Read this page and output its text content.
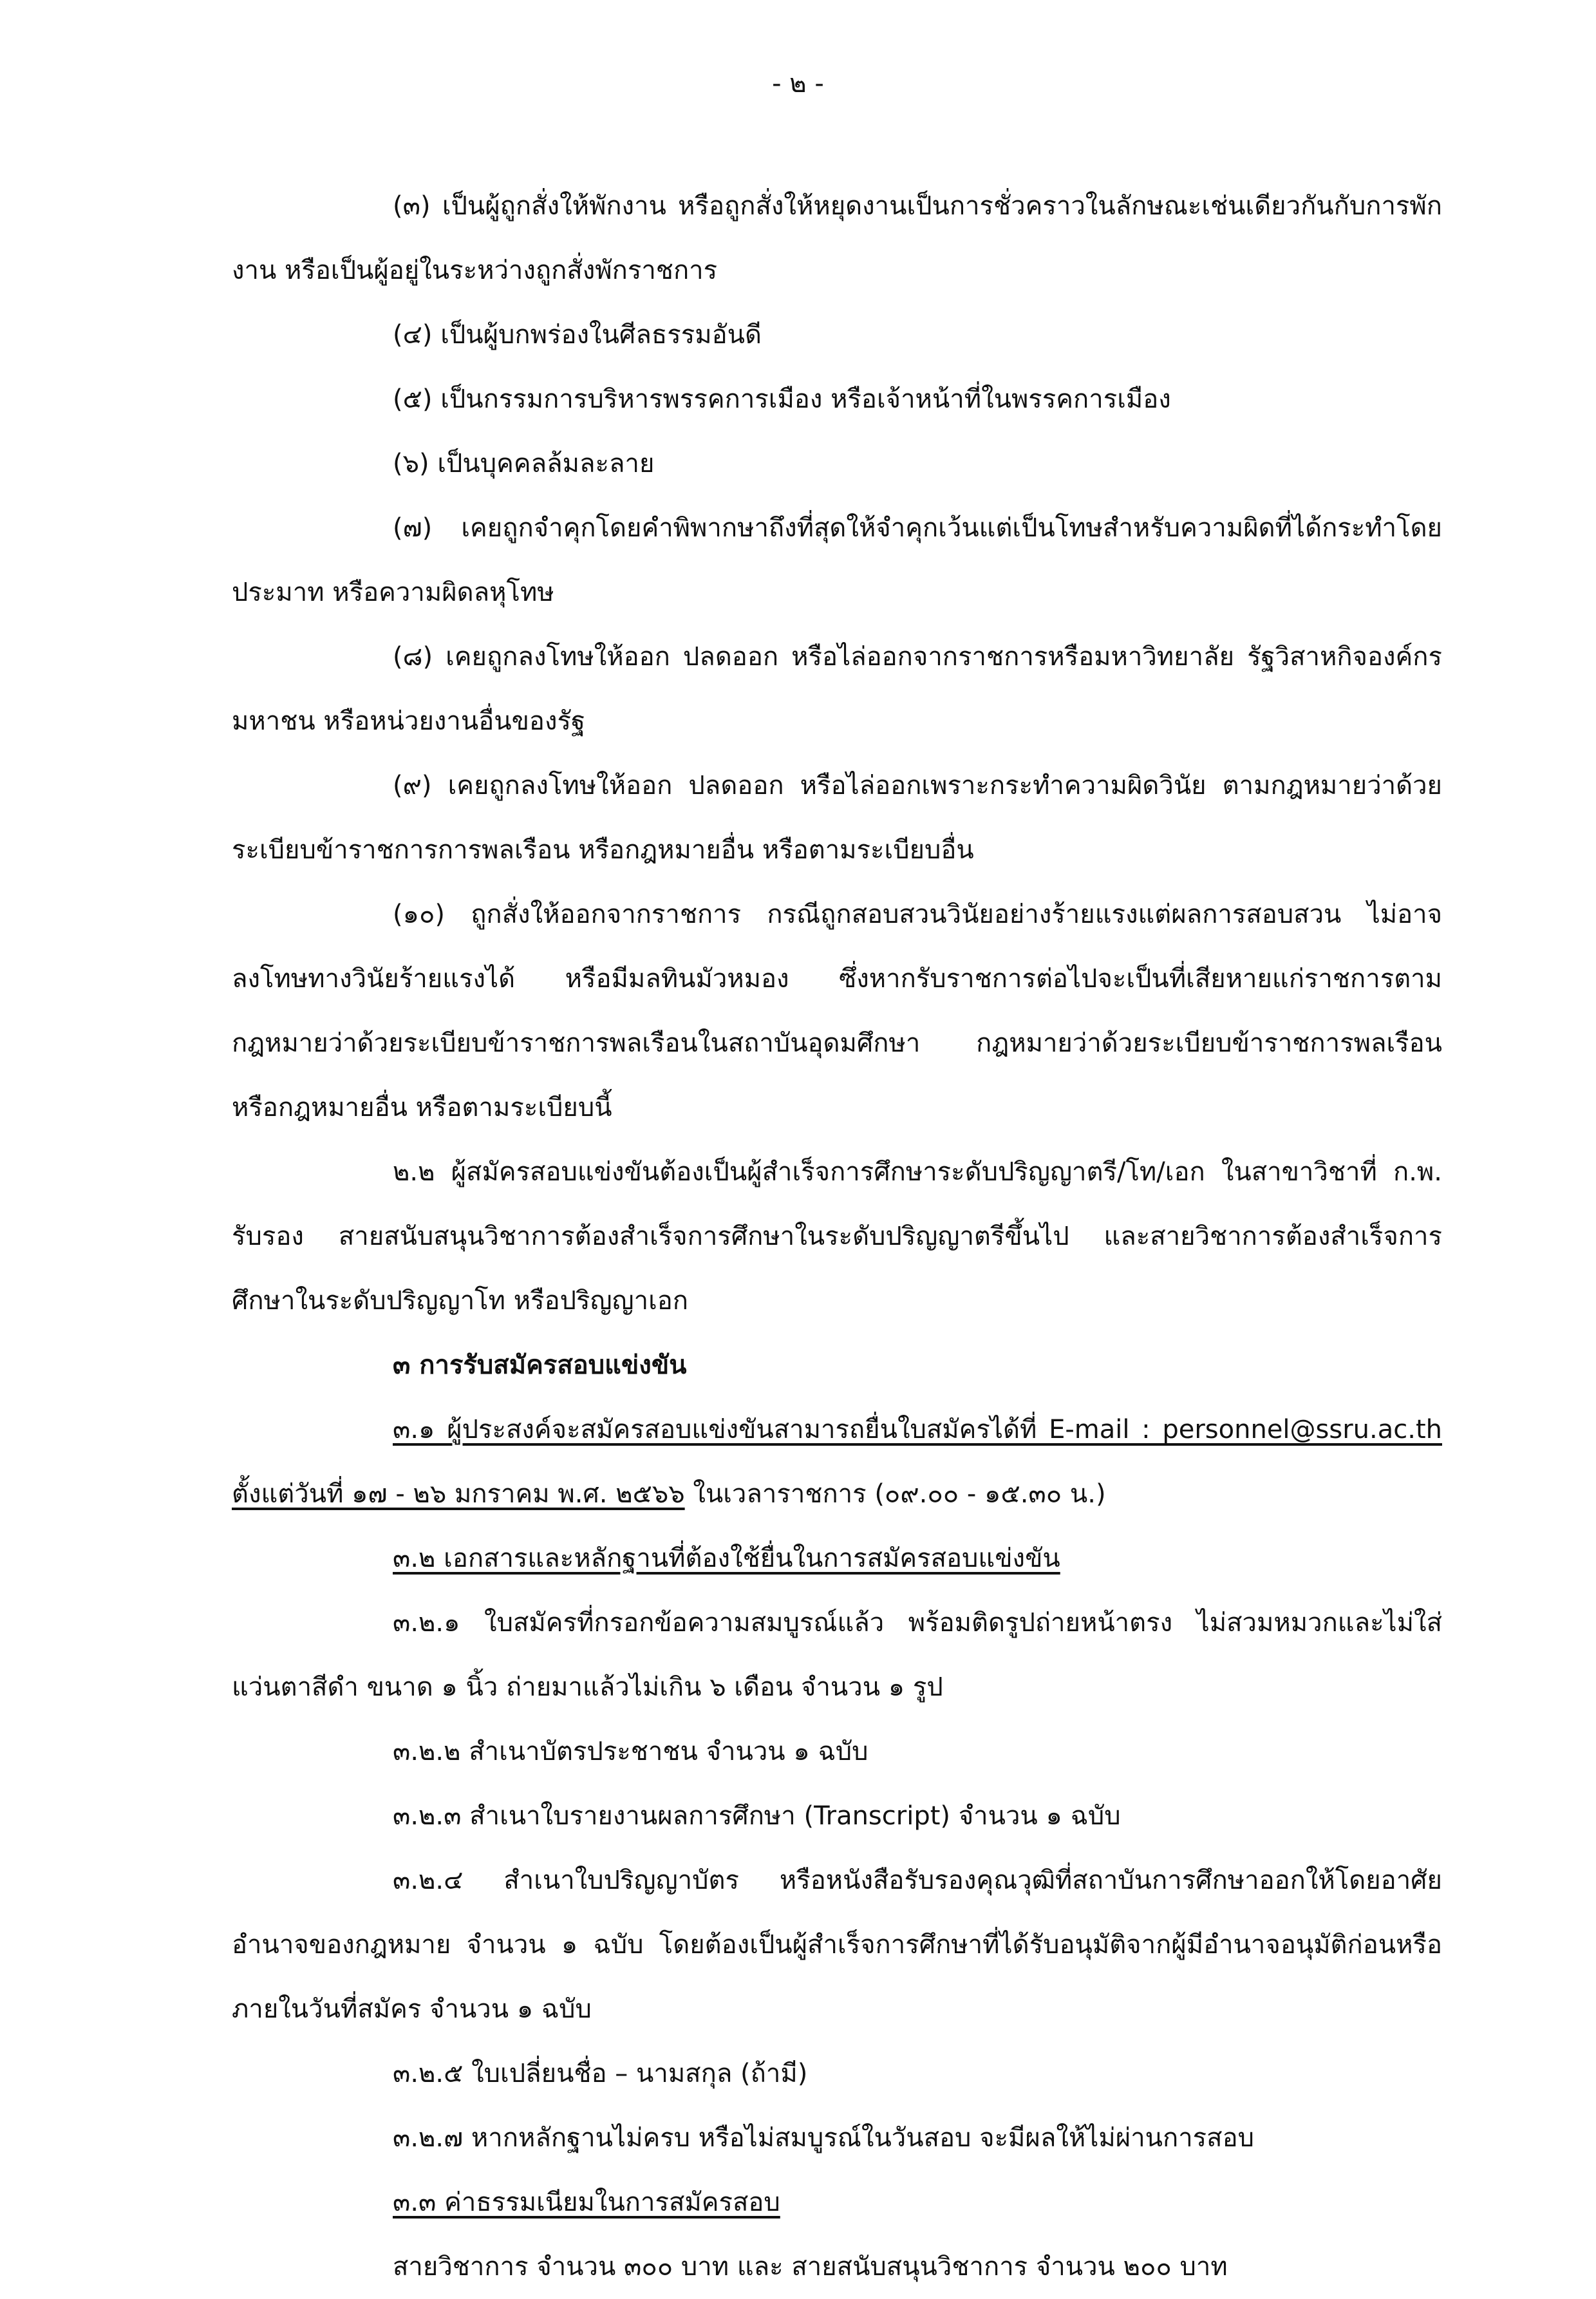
- ๒ -

(๓) เป็นผู้ถูกสั่งให้พักงาน หรือถูกสั่งให้หยุดงานเป็นการชั่วคราวในลักษณะเช่นเดียวกันกับการพักงาน หรือเป็นผู้อยู่ในระหว่างถูกสั่งพักราชการ

(๔) เป็นผู้บกพร่องในศีลธรรมอันดี

(๕) เป็นกรรมการบริหารพรรคการเมือง หรือเจ้าหน้าที่ในพรรคการเมือง

(๖) เป็นบุคคลล้มละลาย

(๗) เคยถูกจำคุกโดยคำพิพากษาถึงที่สุดให้จำคุกเว้นแต่เป็นโทษสำหรับความผิดที่ได้กระทำโดยประมาท หรือความผิดลหุโทษ

(๘) เคยถูกลงโทษให้ออก ปลดออก หรือไล่ออกจากราชการหรือมหาวิทยาลัย รัฐวิสาหกิจองค์กรมหาชน หรือหน่วยงานอื่นของรัฐ

(๙) เคยถูกลงโทษให้ออก ปลดออก หรือไล่ออกเพราะกระทำความผิดวินัย ตามกฎหมายว่าด้วยระเบียบข้าราชการการพลเรือน หรือกฎหมายอื่น หรือตามระเบียบอื่น

(๑๐) ถูกสั่งให้ออกจากราชการ กรณีถูกสอบสวนวินัยอย่างร้ายแรงแต่ผลการสอบสวน ไม่อาจลงโทษทางวินัยร้ายแรงได้ หรือมีมลทินมัวหมอง ซึ่งหากรับราชการต่อไปจะเป็นที่เสียหายแก่ราชการตามกฎหมายว่าด้วยระเบียบข้าราชการพลเรือนในสถาบันอุดมศึกษา กฎหมายว่าด้วยระเบียบข้าราชการพลเรือน หรือกฎหมายอื่น หรือตามระเบียบนี้

๒.๒ ผู้สมัครสอบแข่งขันต้องเป็นผู้สำเร็จการศึกษาระดับปริญญาตรี/โท/เอก ในสาขาวิชาที่ ก.พ. รับรอง สายสนับสนุนวิชาการต้องสำเร็จการศึกษาในระดับปริญญาตรีขึ้นไป และสายวิชาการต้องสำเร็จการศึกษาในระดับปริญญาโท หรือปริญญาเอก

๓ การรับสมัครสอบแข่งขัน

๓.๑ ผู้ประสงค์จะสมัครสอบแข่งขันสามารถยื่นใบสมัครได้ที่ E-mail : personnel@ssru.ac.th ตั้งแต่วันที่ ๑๗ - ๒๖ มกราคม พ.ศ. ๒๕๖๖ ในเวลาราชการ (๐๙.๐๐ - ๑๕.๓๐ น.)

๓.๒ เอกสารและหลักฐานที่ต้องใช้ยื่นในการสมัครสอบแข่งขัน

๓.๒.๑ ใบสมัครที่กรอกข้อความสมบูรณ์แล้ว พร้อมติดรูปถ่ายหน้าตรง ไม่สวมหมวกและไม่ใส่แว่นตาสีดำ ขนาด ๑ นิ้ว ถ่ายมาแล้วไม่เกิน ๖ เดือน จำนวน ๑ รูป

๓.๒.๒ สำเนาบัตรประชาชน จำนวน ๑ ฉบับ

๓.๒.๓ สำเนาใบรายงานผลการศึกษา (Transcript) จำนวน ๑ ฉบับ

๓.๒.๔ สำเนาใบปริญญาบัตร หรือหนังสือรับรองคุณวุฒิที่สถาบันการศึกษาออกให้โดยอาศัยอำนาจของกฎหมาย จำนวน ๑ ฉบับ โดยต้องเป็นผู้สำเร็จการศึกษาที่ได้รับอนุมัติจากผู้มีอำนาจอนุมัติก่อนหรือภายในวันที่สมัคร จำนวน ๑ ฉบับ

๓.๒.๕ ใบเปลี่ยนชื่อ – นามสกุล (ถ้ามี)

๓.๒.๗ หากหลักฐานไม่ครบ หรือไม่สมบูรณ์ในวันสอบ จะมีผลให้ไม่ผ่านการสอบ

๓.๓ ค่าธรรมเนียมในการสมัครสอบ

สายวิชาการ จำนวน ๓๐๐ บาท และ สายสนับสนุนวิชาการ จำนวน ๒๐๐ บาท
